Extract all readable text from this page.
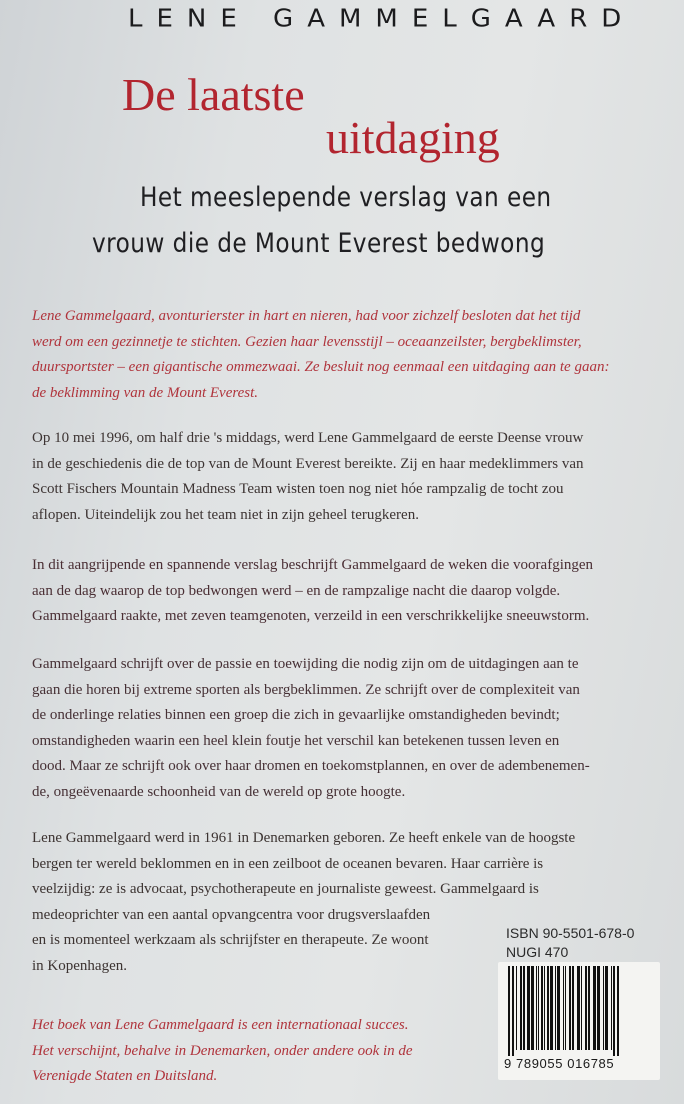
LENE GAMMELGAARD
De laatste
uitdaging
Het meeslepende verslag van een
vrouw die de Mount Everest bedwong
Lene Gammelgaard, avonturierster in hart en nieren, had voor zichzelf besloten dat het tijd
werd om een gezinnetje te stichten. Gezien haar levensstijl – oceaanzeilster, bergbeklimster,
duursportster – een gigantische ommezwaai. Ze besluit nog eenmaal een uitdaging aan te gaan:
de beklimming van de Mount Everest.
Op 10 mei 1996, om half drie 's middags, werd Lene Gammelgaard de eerste Deense vrouw
in de geschiedenis die de top van de Mount Everest bereikte. Zij en haar medeklimmers van
Scott Fischers Mountain Madness Team wisten toen nog niet hóe rampzalig de tocht zou
aflopen. Uiteindelijk zou het team niet in zijn geheel terugkeren.
In dit aangrijpende en spannende verslag beschrijft Gammelgaard de weken die voorafgingen
aan de dag waarop de top bedwongen werd – en de rampzalige nacht die daarop volgde.
Gammelgaard raakte, met zeven teamgenoten, verzeild in een verschrikkelijke sneeuwstorm.
Gammelgaard schrijft over de passie en toewijding die nodig zijn om de uitdagingen aan te
gaan die horen bij extreme sporten als bergbeklimmen. Ze schrijft over de complexiteit van
de onderlinge relaties binnen een groep die zich in gevaarlijke omstandigheden bevindt;
omstandigheden waarin een heel klein foutje het verschil kan betekenen tussen leven en
dood. Maar ze schrijft ook over haar dromen en toekomstplannen, en over de adembenemen-
de, ongeëvenaarde schoonheid van de wereld op grote hoogte.
Lene Gammelgaard werd in 1961 in Denemarken geboren. Ze heeft enkele van de hoogste
bergen ter wereld beklommen en in een zeilboot de oceanen bevaren. Haar carrière is
veelzijdig: ze is advocaat, psychotherapeute en journaliste geweest. Gammelgaard is
medeoprichter van een aantal opvangcentra voor drugsverslaafden
en is momenteel werkzaam als schrijfster en therapeute. Ze woont
in Kopenhagen.
Het boek van Lene Gammelgaard is een internationaal succes.
Het verschijnt, behalve in Denemarken, onder andere ook in de
Verenigde Staten en Duitsland.
ISBN 90-5501-678-0
NUGI 470
9 789055 016785
